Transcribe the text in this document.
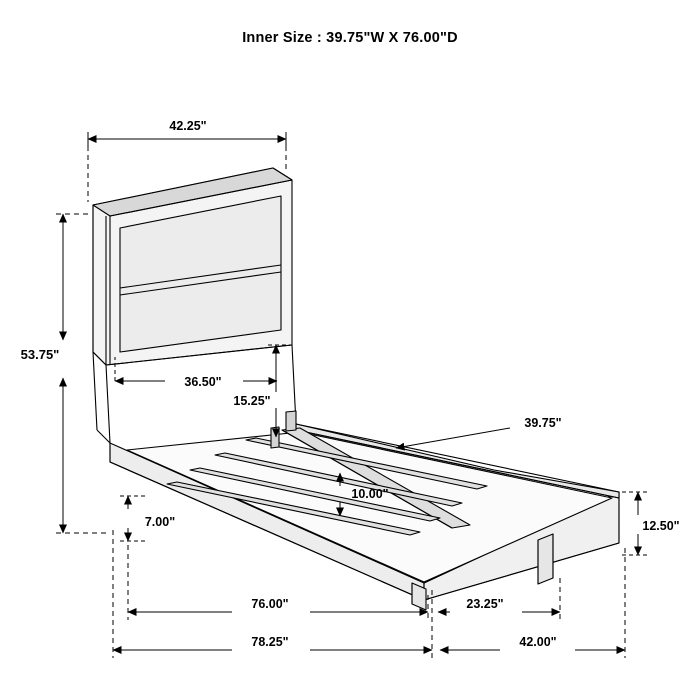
Inner Size : 39.75"W X 76.00"D
42.25"
53.75"
36.50"
15.25"
39.75"
10.00"
7.00"	12.50"
76.00"	23.25"
78.25"	42.00"
